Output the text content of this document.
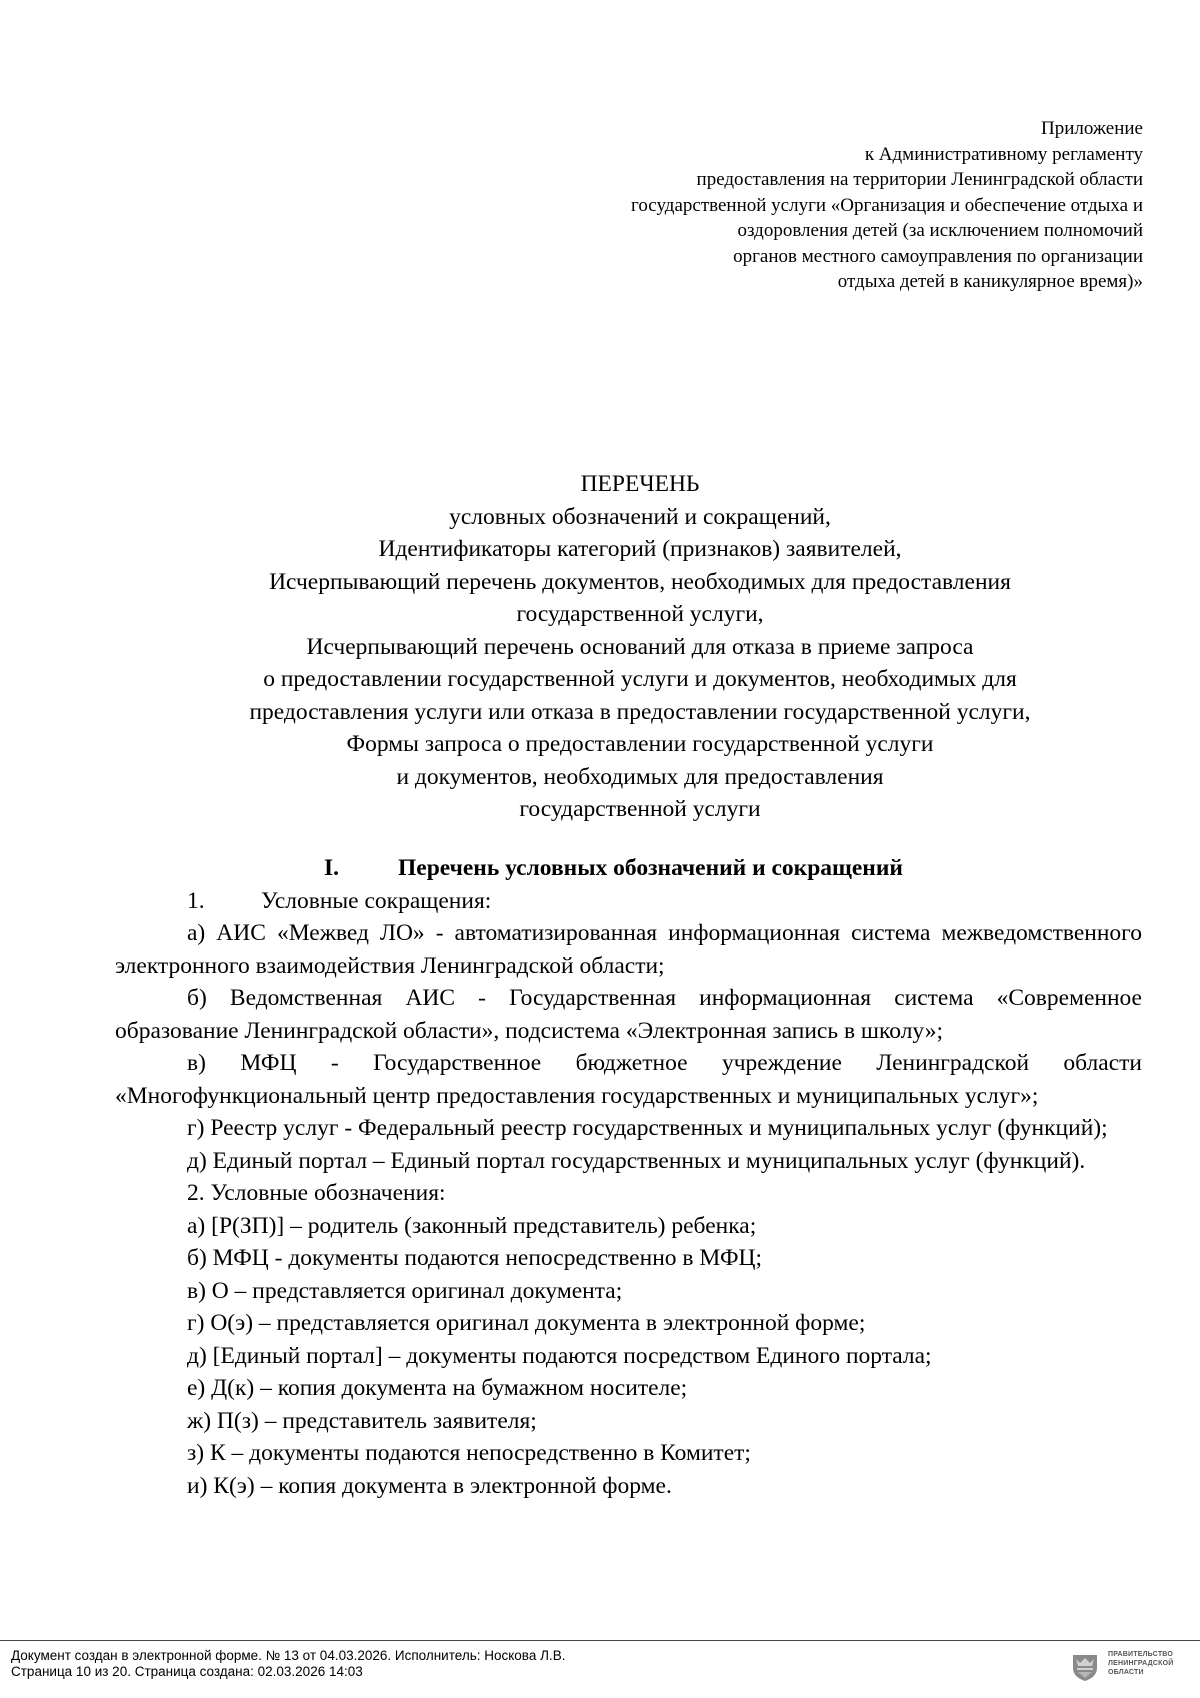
Приложение
к Административному регламенту
предоставления на территории Ленинградской области
государственной услуги «Организация и обеспечение отдыха и
оздоровления детей (за исключением полномочий
органов местного самоуправления по организации
отдыха детей в каникулярное время)»
ПЕРЕЧЕНЬ
условных обозначений и сокращений,
Идентификаторы категорий (признаков) заявителей,
Исчерпывающий перечень документов, необходимых для предоставления
государственной услуги,
Исчерпывающий перечень оснований для отказа в приеме запроса
о предоставлении государственной услуги и документов, необходимых для
предоставления услуги или отказа в предоставлении государственной услуги,
Формы запроса о предоставлении государственной услуги
и документов, необходимых для предоставления
государственной услуги
I.	Перечень условных обозначений и сокращений
1. Условные сокращения:
а) АИС «Межвед ЛО» - автоматизированная информационная система межведомственного электронного взаимодействия Ленинградской области;
б) Ведомственная АИС - Государственная информационная система «Современное образование Ленинградской области», подсистема «Электронная запись в школу»;
в) МФЦ - Государственное бюджетное учреждение Ленинградской области «Многофункциональный центр предоставления государственных и муниципальных услуг»;
г) Реестр услуг - Федеральный реестр государственных и муниципальных услуг (функций);
д) Единый портал – Единый портал государственных и муниципальных услуг (функций).
2. Условные обозначения:
а) [Р(ЗП)] – родитель (законный представитель) ребенка;
б) МФЦ - документы подаются непосредственно в МФЦ;
в) О – представляется оригинал документа;
г) О(э) – представляется оригинал документа в электронной форме;
д) [Единый портал] – документы подаются посредством Единого портала;
е) Д(к) – копия документа на бумажном носителе;
ж) П(з) – представитель заявителя;
з) К – документы подаются непосредственно в Комитет;
и) К(э) – копия документа в электронной форме.
Документ создан в электронной форме. № 13 от 04.03.2026. Исполнитель: Носкова Л.В.
Страница 10 из 20. Страница создана: 02.03.2026 14:03
ПРАВИТЕЛЬСТВО
ЛЕНИНГРАДСКОЙ
ОБЛАСТИ
